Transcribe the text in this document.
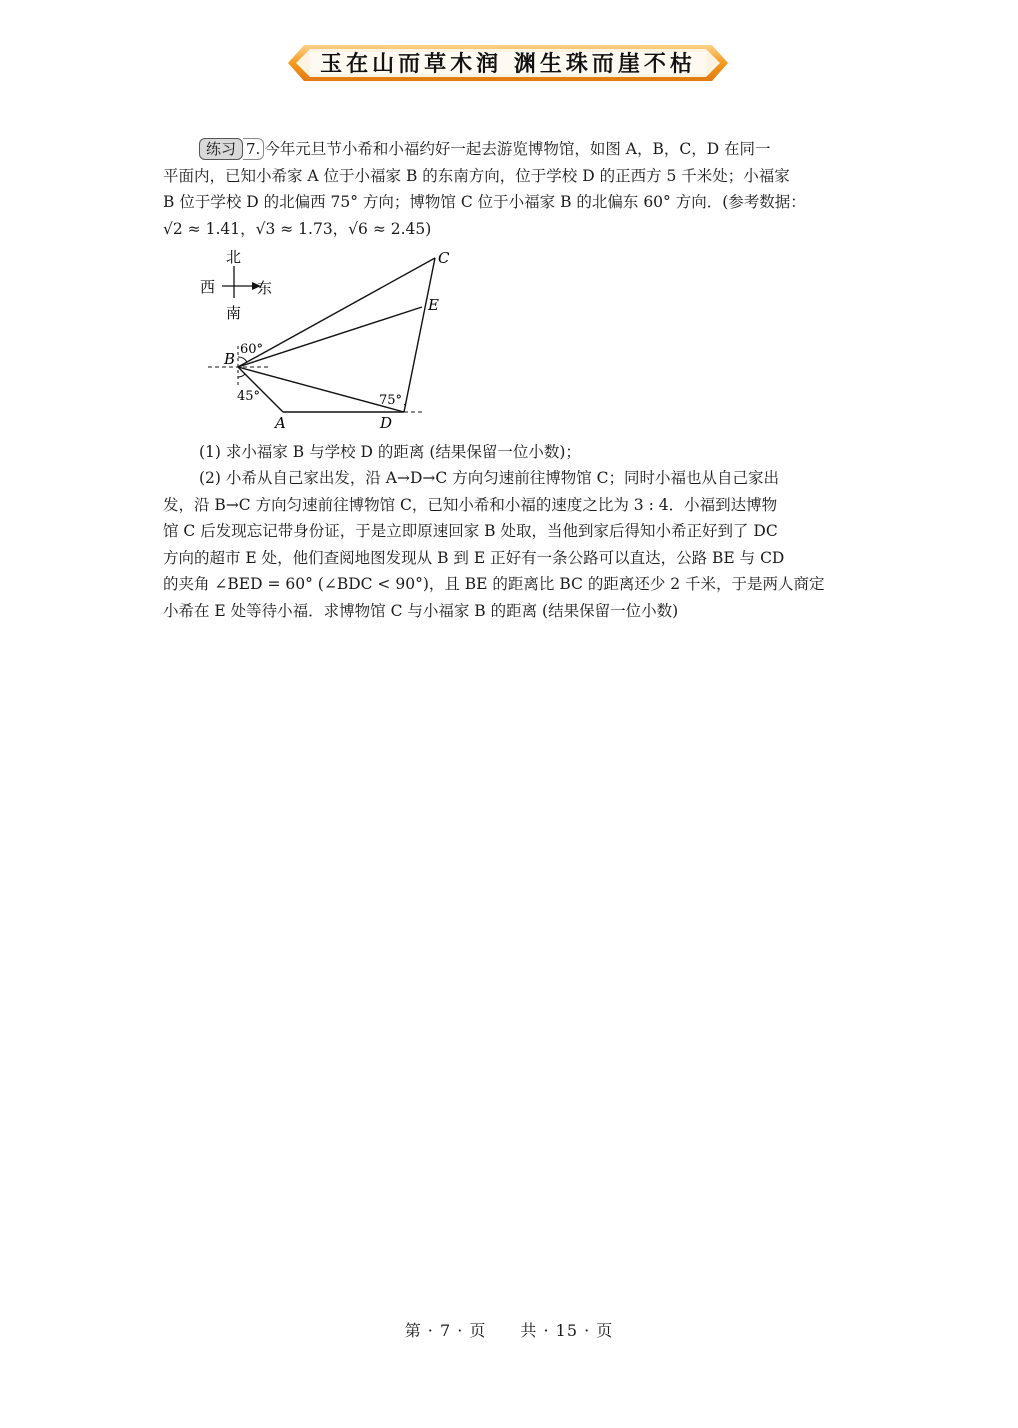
玉在山而草木润 渊生珠而崖不枯

练习 7. 今年元旦节小希和小福约好一起去游览博物馆，如图 A，B，C，D 在同一

平面内，已知小希家 A 位于小福家 B 的东南方向，位于学校 D 的正西方 5 千米处；小福家

B 位于学校 D 的北偏西 75° 方向；博物馆 C 位于小福家 B 的北偏东 60° 方向．(参考数据：

√2 ≈ 1.41，√3 ≈ 1.73，√6 ≈ 2.45)

北
南
西	东
B
A	D
C
E
60°
45°	75°

(1) 求小福家 B 与学校 D 的距离 (结果保留一位小数)；

(2) 小希从自己家出发，沿 A→D→C 方向匀速前往博物馆 C；同时小福也从自己家出

发，沿 B→C 方向匀速前往博物馆 C，已知小希和小福的速度之比为 3 : 4．小福到达博物

馆 C 后发现忘记带身份证，于是立即原速回家 B 处取，当他到家后得知小希正好到了 DC

方向的超市 E 处，他们查阅地图发现从 B 到 E 正好有一条公路可以直达，公路 BE 与 CD

的夹角 ∠BED = 60° (∠BDC < 90°)，且 BE 的距离比 BC 的距离还少 2 千米，于是两人商定

小希在 E 处等待小福．求博物馆 C 与小福家 B 的距离 (结果保留一位小数)

第 · 7 · 页　　共 · 15 · 页
